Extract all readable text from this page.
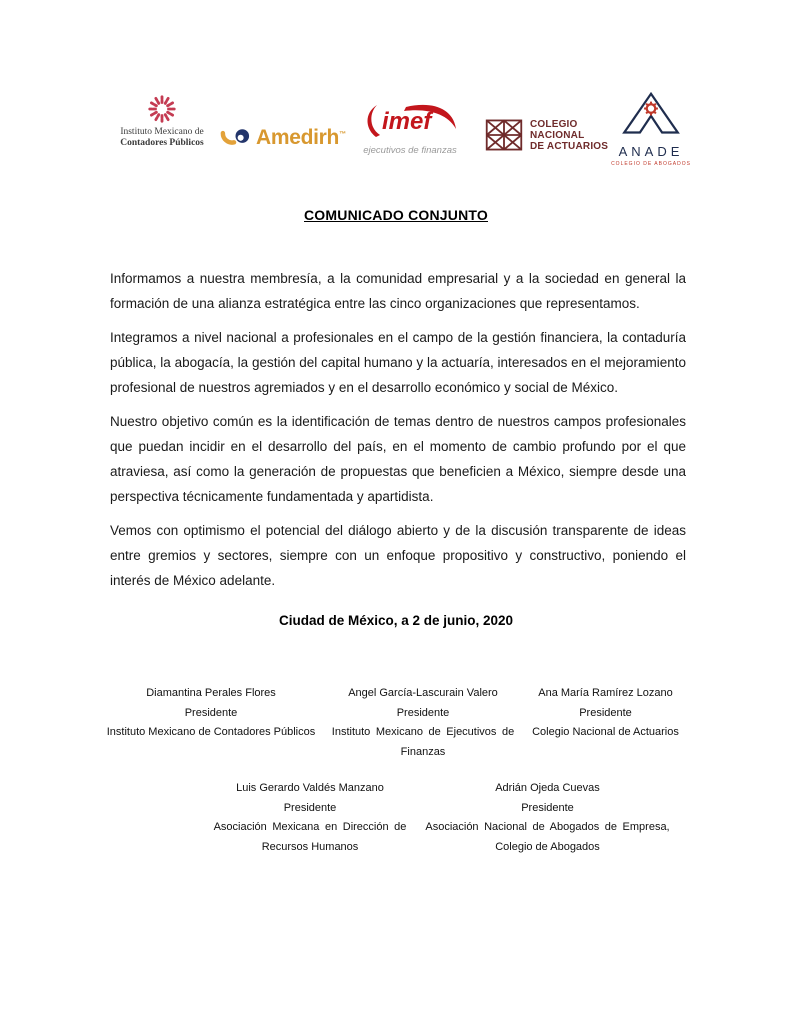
Instituto Mexicano de
Contadores Públicos	Amedirh™ imef
ejecutivos de finanzas
COLEGIO
NACIONAL
DE ACTUARIOS ANADE
COLEGIO DE ABOGADOS
COMUNICADO CONJUNTO

Informamos a nuestra membresía, a la comunidad empresarial y a la sociedad en general la formación de una alianza estratégica entre las cinco organizaciones que representamos.

Integramos a nivel nacional a profesionales en el campo de la gestión financiera, la contaduría pública, la abogacía, la gestión del capital humano y la actuaría, interesados en el mejoramiento profesional de nuestros agremiados y en el desarrollo económico y social de México.

Nuestro objetivo común es la identificación de temas dentro de nuestros campos profesionales que puedan incidir en el desarrollo del país, en el momento de cambio profundo por el que atraviesa, así como la generación de propuestas que beneficien a México, siempre desde una perspectiva técnicamente fundamentada y apartidista.

Vemos con optimismo el potencial del diálogo abierto y de la discusión transparente de ideas entre gremios y sectores, siempre con un enfoque propositivo y constructivo, poniendo el interés de México adelante.

Ciudad de México, a 2 de junio, 2020
Diamantina Perales Flores
Presidente
Instituto Mexicano de Contadores Públicos
Angel García-Lascurain Valero
Presidente
Instituto Mexicano de Ejecutivos de Finanzas
Ana María Ramírez Lozano
Presidente
Colegio Nacional de Actuarios
Luis Gerardo Valdés Manzano
Presidente
Asociación Mexicana en Dirección de
Recursos Humanos
Adrián Ojeda Cuevas
Presidente
Asociación Nacional de Abogados de Empresa,
Colegio de Abogados
